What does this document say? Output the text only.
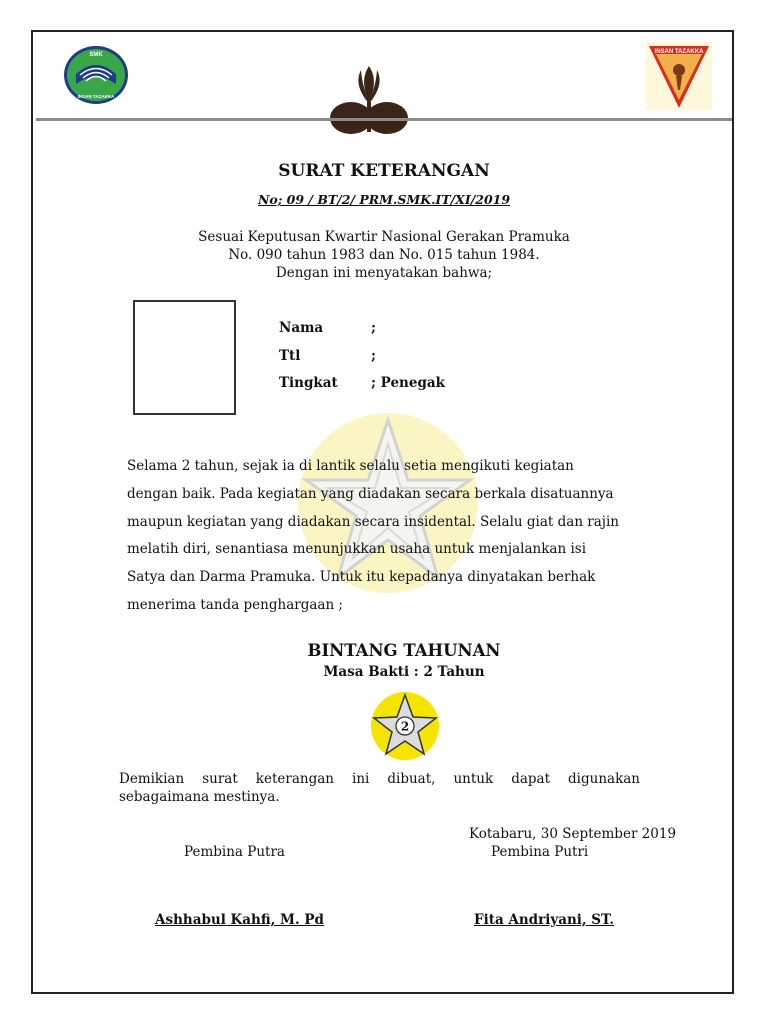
SMK
INSAN TAZAKKA
INSAN TAZAKKA
SURAT KETERANGAN
No; 09 / BT/2/ PRM.SMK.IT/XI/2019
Sesuai Keputusan Kwartir Nasional Gerakan Pramuka
No. 090 tahun 1983 dan No. 015 tahun 1984.
Dengan ini menyatakan bahwa;
Nama	;
Ttl	;
Tingkat ; Penegak
Selama 2 tahun, sejak ia di lantik selalu setia mengikuti kegiatan
dengan baik. Pada kegiatan yang diadakan secara berkala disatuannya
maupun kegiatan yang diadakan secara insidental. Selalu giat dan rajin
melatih diri, senantiasa menunjukkan usaha untuk menjalankan isi
Satya dan Darma Pramuka. Untuk itu kepadanya dinyatakan berhak
menerima tanda penghargaan ;
BINTANG TAHUNAN
Masa Bakti : 2 Tahun
2
Demikian surat keterangan ini dibuat, untuk dapat digunakan
sebagaimana mestinya.
Kotabaru, 30 September 2019
Pembina Putra	Pembina Putri
Ashhabul Kahfi, M. Pd	Fita Andriyani, ST.
